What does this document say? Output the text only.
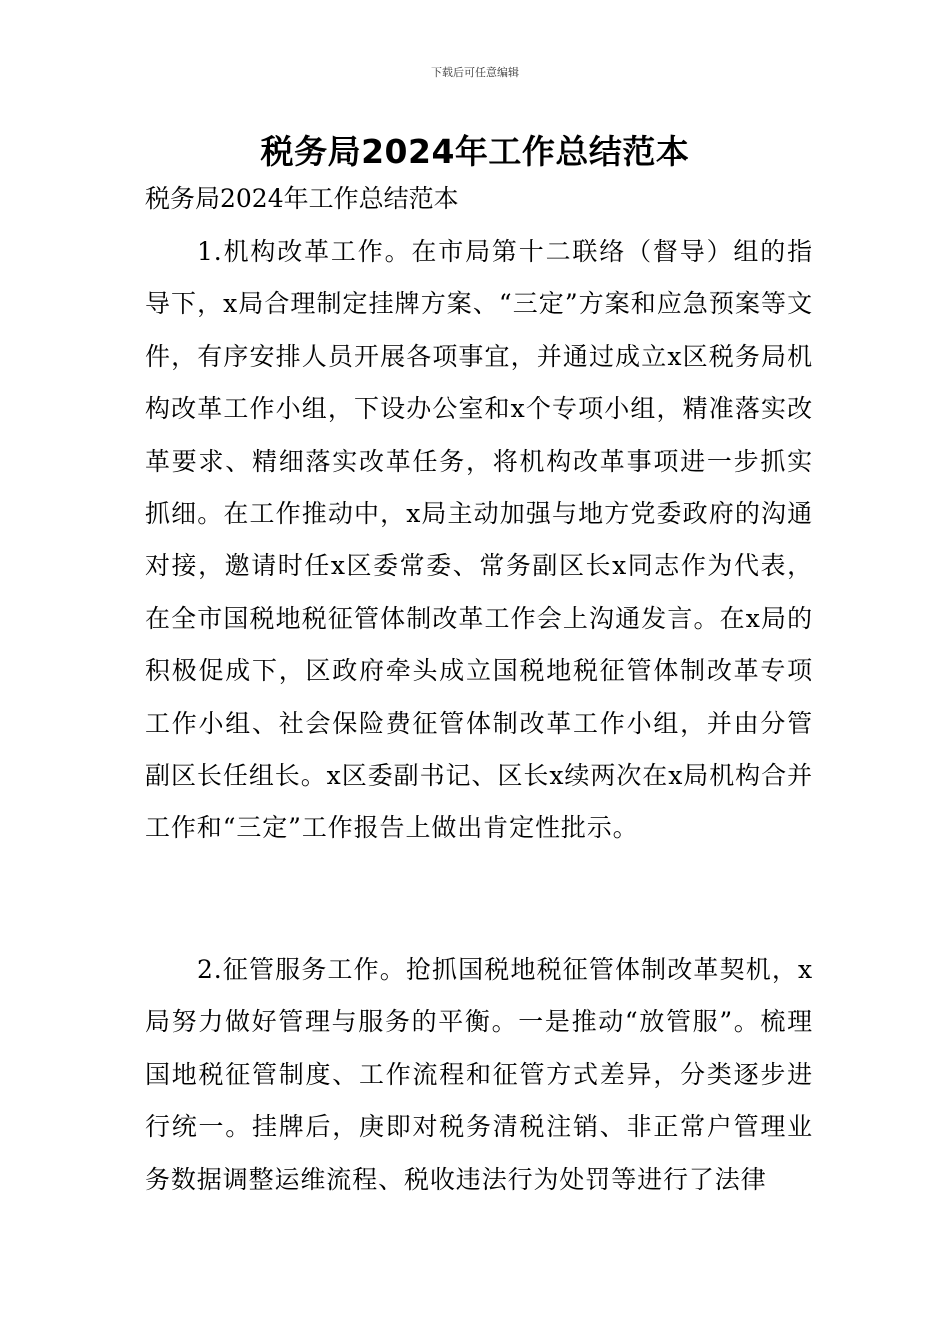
下载后可任意编辑
税务局2024年工作总结范本
税务局2024年工作总结范本
1.机构改革工作。在市局第十二联络（督导）组的指导下，x局合理制定挂牌方案、“三定”方案和应急预案等文件，有序安排人员开展各项事宜，并通过成立x区税务局机构改革工作小组，下设办公室和x个专项小组，精准落实改革要求、精细落实改革任务，将机构改革事项进一步抓实抓细。在工作推动中，x局主动加强与地方党委政府的沟通对接，邀请时任x区委常委、常务副区长x同志作为代表，在全市国税地税征管体制改革工作会上沟通发言。在x局的积极促成下，区政府牵头成立国税地税征管体制改革专项工作小组、社会保险费征管体制改革工作小组，并由分管副区长任组长。x区委副书记、区长x续两次在x局机构合并工作和“三定”工作报告上做出肯定性批示。
2.征管服务工作。抢抓国税地税征管体制改革契机，x局努力做好管理与服务的平衡。一是推动“放管服”。梳理国地税征管制度、工作流程和征管方式差异，分类逐步进行统一。挂牌后，庚即对税务清税注销、非正常户管理业务数据调整运维流程、税收违法行为处罚等进行了法律
